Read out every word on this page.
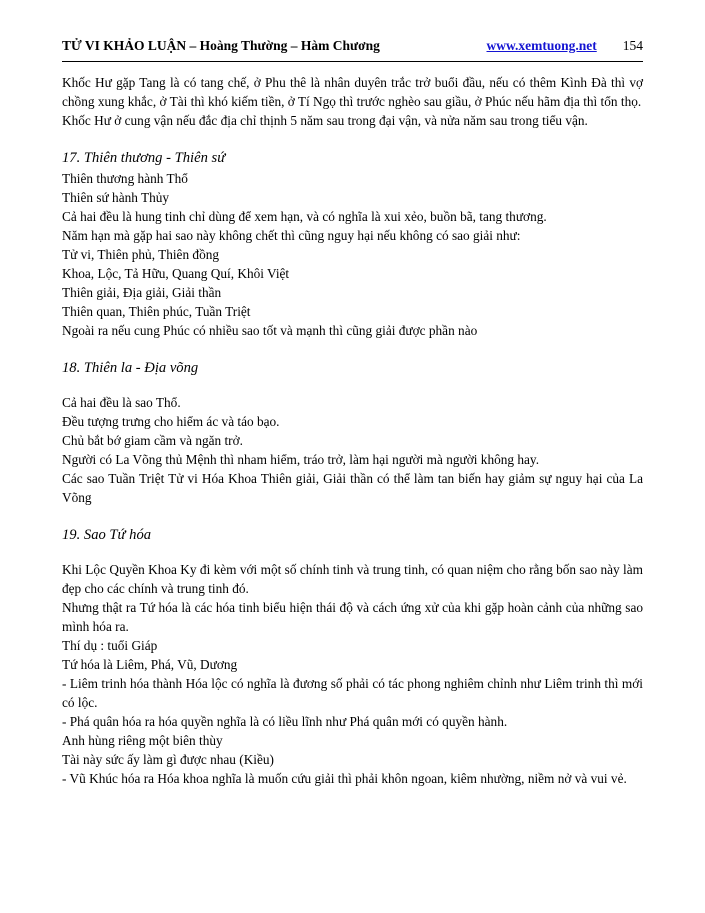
TỬ VI KHẢO LUẬN – Hoàng Thường – Hàm Chương	www.xemtuong.net 154

Khốc Hư gặp Tang là có tang chế, ở Phu thê là nhân duyên trắc trở buổi đầu, nếu có thêm Kình Đà thì vợ chồng xung khắc, ở Tài thì khó kiếm tiền, ở Tí Ngọ thì trước nghèo sau giầu, ở Phúc nếu hãm địa thì tổn thọ.

Khốc Hư ở cung vận nếu đắc địa chỉ thịnh 5 năm sau trong đại vận, và nửa năm sau trong tiểu vận.

17. Thiên thương - Thiên sứ

Thiên thương hành Thổ

Thiên sứ hành Thủy

Cả hai đều là hung tinh chỉ dùng để xem hạn, và có nghĩa là xui xẻo, buồn bã, tang thương.

Năm hạn mà gặp hai sao này không chết thì cũng nguy hại nếu không có sao giải như:

Tử vi, Thiên phủ, Thiên đồng

Khoa, Lộc, Tả Hữu, Quang Quí, Khôi Việt

Thiên giải, Địa giải, Giải thần

Thiên quan, Thiên phúc, Tuần Triệt

Ngoài ra nếu cung Phúc có nhiều sao tốt và mạnh thì cũng giải được phần nào

18. Thiên la - Địa võng

Cả hai đều là sao Thổ.

Đều tượng trưng cho hiểm ác và táo bạo.

Chủ bắt bớ giam cầm và ngăn trở.

Người có La Võng thủ Mệnh thì nham hiểm, tráo trở, làm hại người mà người không hay.

Các sao Tuần Triệt Tử vi Hóa Khoa Thiên giải, Giải thần có thể làm tan biến hay giảm sự nguy hại của La Võng

19. Sao Tứ hóa

Khi Lộc Quyền Khoa Ky đi kèm với một số chính tinh và trung tinh, có quan niệm cho rằng bốn sao này làm đẹp cho các chính và trung tinh đó.

Nhưng thật ra Tứ hóa là các hóa tinh biểu hiện thái độ và cách ứng xử của khi gặp hoàn cảnh của những sao mình hóa ra.

Thí dụ : tuổi Giáp

Tứ hóa là Liêm, Phá, Vũ, Dương

- Liêm trinh hóa thành Hóa lộc có nghĩa là đương số phải có tác phong nghiêm chỉnh như Liêm trinh thì mới có lộc.

- Phá quân hóa ra hóa quyền nghĩa là có liều lĩnh như Phá quân mới có quyền hành.

Anh hùng riêng một biên thùy

Tài này sức ấy làm gì được nhau (Kiều)

- Vũ Khúc hóa ra Hóa khoa nghĩa là muốn cứu giải thì phải khôn ngoan, kiêm nhường, niềm nở và vui vẻ.
